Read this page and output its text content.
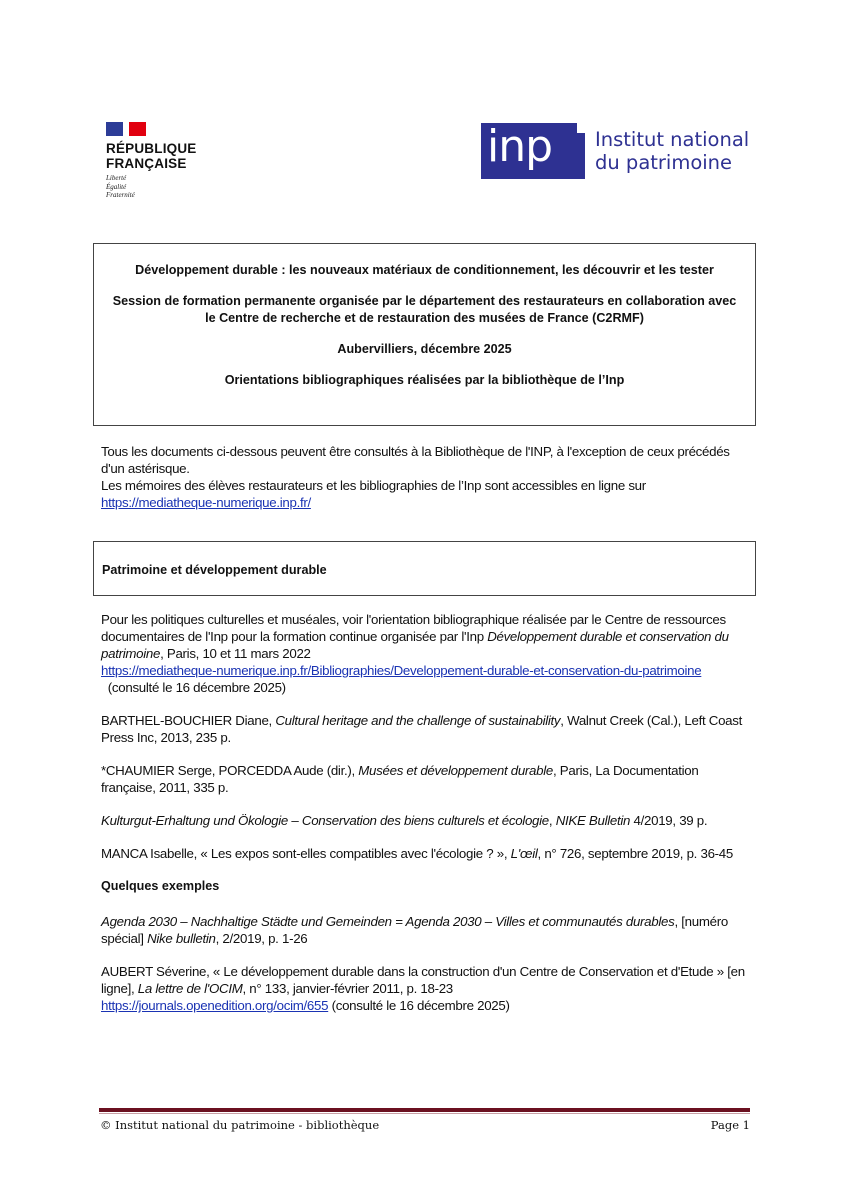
RÉPUBLIQUE
FRANÇAISE
Liberté
Égalité
Fraternité
inp	Institut national
du patrimoine

Développement durable : les nouveaux matériaux de conditionnement, les découvrir et les tester

Session de formation permanente organisée par le département des restaurateurs en collaboration avec le Centre de recherche et de restauration des musées de France (C2RMF)

Aubervilliers, décembre 2025

Orientations bibliographiques réalisées par la bibliothèque de l’Inp

Tous les documents ci-dessous peuvent être consultés à la Bibliothèque de l'INP, à l'exception de ceux précédés d'un astérisque.

Les mémoires des élèves restaurateurs et les bibliographies de l’Inp sont accessibles en ligne sur

https://mediatheque-numerique.inp.fr/
Patrimoine et développement durable
Pour les politiques culturelles et muséales, voir l'orientation bibliographique réalisée par le Centre de ressources documentaires de l'Inp pour la formation continue organisée par l'Inp Développement durable et conservation du patrimoine, Paris, 10 et 11 mars 2022
https://mediatheque-numerique.inp.fr/Bibliographies/Developpement-durable-et-conservation-du-patrimoine  (consulté le 16 décembre 2025)
BARTHEL-BOUCHIER Diane, Cultural heritage and the challenge of sustainability, Walnut Creek (Cal.), Left Coast Press Inc, 2013, 235 p.
*CHAUMIER Serge, PORCEDDA Aude (dir.), Musées et développement durable, Paris, La Documentation française, 2011, 335 p.
Kulturgut-Erhaltung und Ökologie – Conservation des biens culturels et écologie, NIKE Bulletin 4/2019, 39 p.
MANCA Isabelle, « Les expos sont-elles compatibles avec l'écologie ? », L'œil, n° 726, septembre 2019, p. 36-45
Quelques exemples
Agenda 2030 – Nachhaltige Städte und Gemeinden = Agenda 2030 – Villes et communautés durables, [numéro spécial] Nike bulletin, 2/2019, p. 1-26
AUBERT Séverine, « Le développement durable dans la construction d'un Centre de Conservation et d'Etude » [en ligne], La lettre de l'OCIM, n° 133, janvier-février 2011, p. 18-23
https://journals.openedition.org/ocim/655 (consulté le 16 décembre 2025)
© Institut national du patrimoine - bibliothèque	Page 1
